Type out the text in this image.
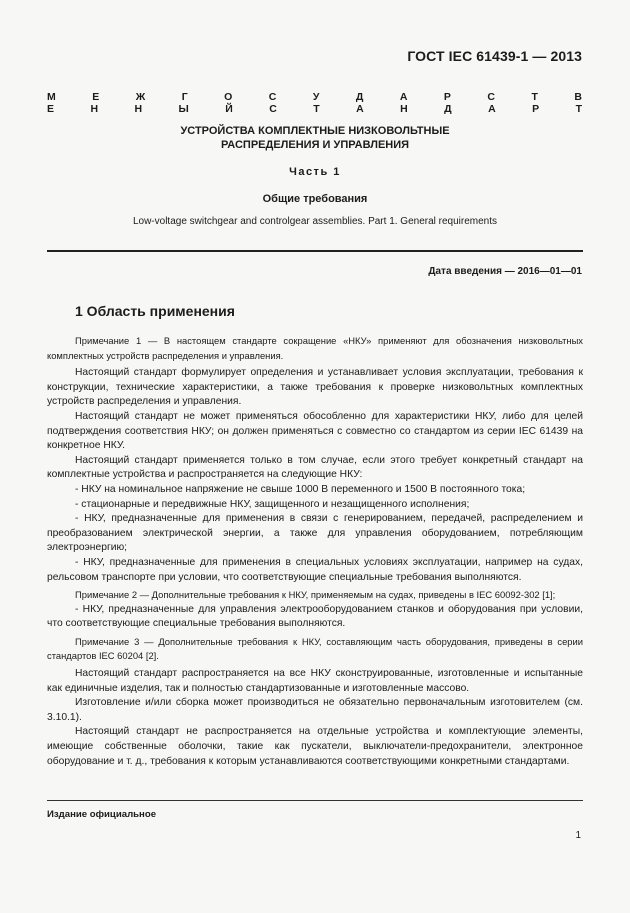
ГОСТ IEC 61439-1 — 2013
М Е Ж Г О С У Д А Р С Т В Е Н Н Ы Й С Т А Н Д А Р Т
УСТРОЙСТВА КОМПЛЕКТНЫЕ НИЗКОВОЛЬТНЫЕ
РАСПРЕДЕЛЕНИЯ И УПРАВЛЕНИЯ
Часть 1
Общие требования
Low-voltage switchgear and controlgear assemblies. Part 1. General requirements
Дата введения — 2016—01—01
1 Область применения

Примечание 1 — В настоящем стандарте сокращение «НКУ» применяют для обозначения низковольтных комплектных устройств распределения и управления.

Настоящий стандарт формулирует определения и устанавливает условия эксплуатации, требования к конструкции, технические характеристики, а также требования к проверке низковольтных комплектных устройств распределения и управления.

Настоящий стандарт не может применяться обособленно для характеристики НКУ, либо для целей подтверждения соответствия НКУ; он должен применяться с совместно со стандартом из серии IEC 61439 на конкретное НКУ.

Настоящий стандарт применяется только в том случае, если этого требует конкретный стандарт на комплектные устройства и распространяется на следующие НКУ:

- НКУ на номинальное напряжение не свыше 1000 В переменного и 1500 В постоянного тока;

- стационарные и передвижные НКУ, защищенного и незащищенного исполнения;

- НКУ, предназначенные для применения в связи с генерированием, передачей, распределением и преобразованием электрической энергии, а также для управления оборудованием, потребляющим электроэнергию;

- НКУ, предназначенные для применения в специальных условиях эксплуатации, например на судах, рельсовом транспорте при условии, что соответствующие специальные требования выполняются.

Примечание 2 — Дополнительные требования к НКУ, применяемым на судах, приведены в IEC 60092-302 [1];

- НКУ, предназначенные для управления электрооборудованием станков и оборудования при условии, что соответствующие специальные требования выполняются.

Примечание 3 — Дополнительные требования к НКУ, составляющим часть оборудования, приведены в серии стандартов IEC 60204 [2].

Настоящий стандарт распространяется на все НКУ сконструированные, изготовленные и испытанные как единичные изделия, так и полностью стандартизованные и изготовленные массово.

Изготовление и/или сборка может производиться не обязательно первоначальным изготовителем (см. 3.10.1).

Настоящий стандарт не распространяется на отдельные устройства и комплектующие элементы, имеющие собственные оболочки, такие как пускатели, выключатели-предохранители, электронное оборудование и т. д., требования к которым устанавливаются соответствующими конкретными стандартами.

Издание официальное
1
